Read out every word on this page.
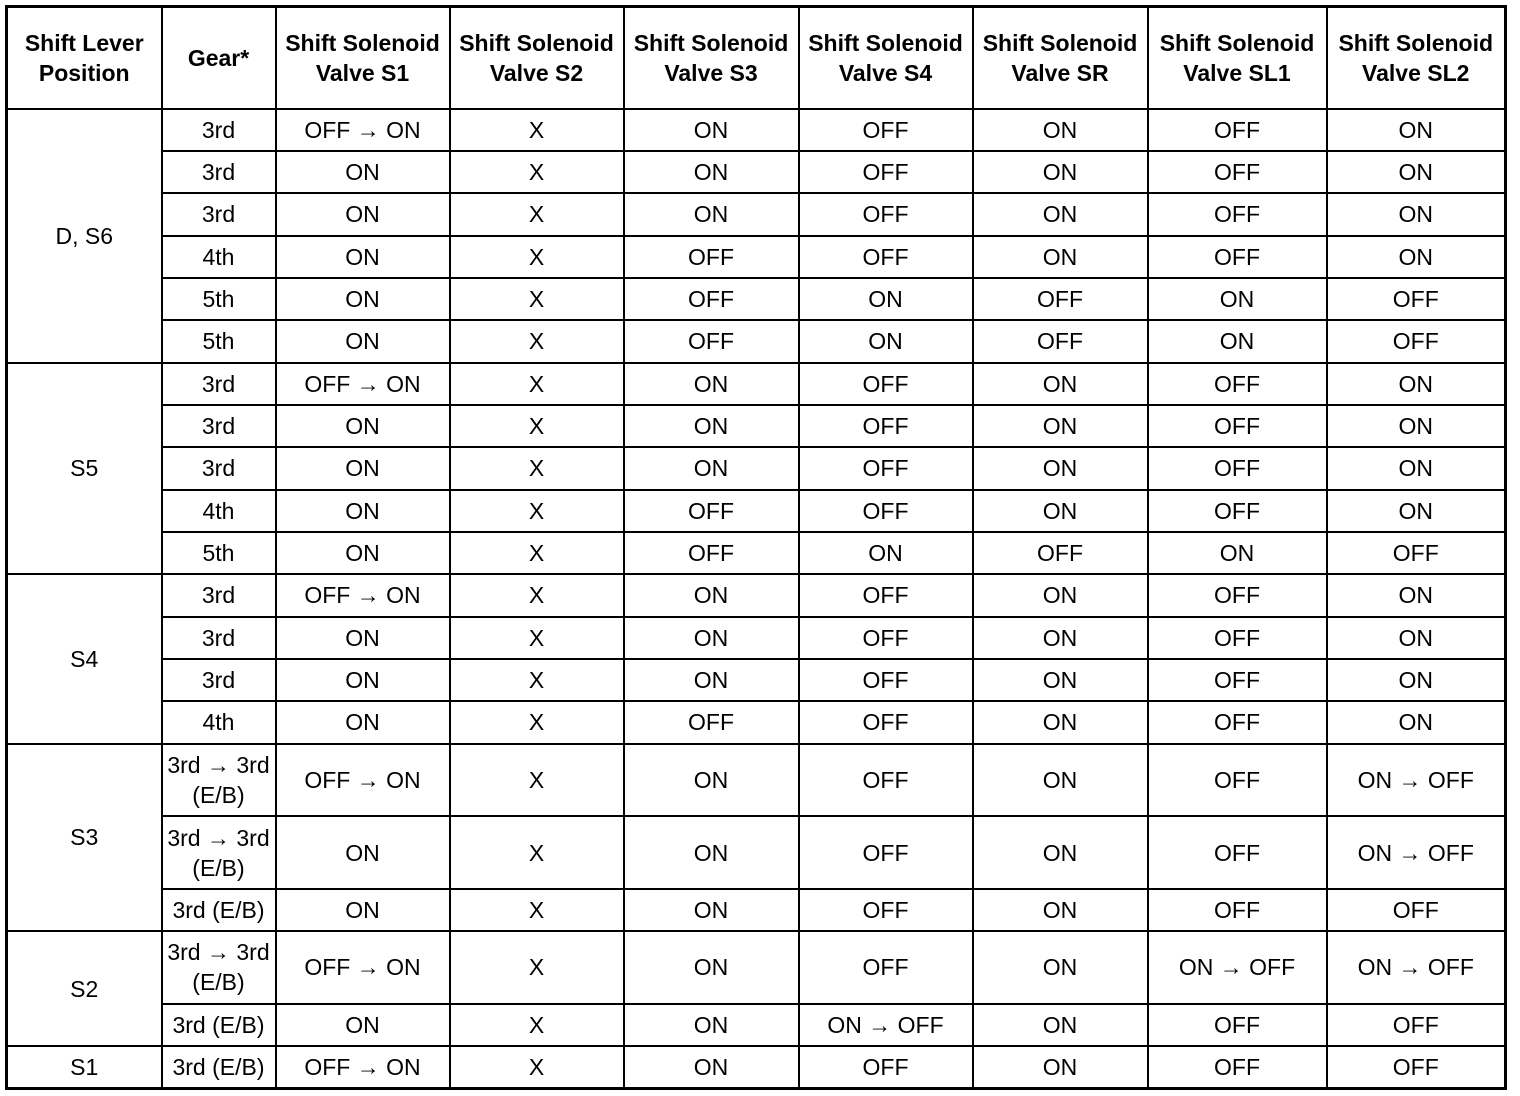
Shift Lever Position	Gear*	Shift Solenoid Valve S1	Shift Solenoid Valve S2	Shift Solenoid Valve S3	Shift Solenoid Valve S4	Shift Solenoid Valve SR	Shift Solenoid Valve SL1	Shift Solenoid Valve SL2
D, S6	3rd	OFF → ON	X	ON	OFF	ON	OFF	ON
	3rd	ON	X	ON	OFF	ON	OFF	ON
	3rd	ON	X	ON	OFF	ON	OFF	ON
	4th	ON	X	OFF	OFF	ON	OFF	ON
	5th	ON	X	OFF	ON	OFF	ON	OFF
	5th	ON	X	OFF	ON	OFF	ON	OFF
S5	3rd	OFF → ON	X	ON	OFF	ON	OFF	ON
	3rd	ON	X	ON	OFF	ON	OFF	ON
	3rd	ON	X	ON	OFF	ON	OFF	ON
	4th	ON	X	OFF	OFF	ON	OFF	ON
	5th	ON	X	OFF	ON	OFF	ON	OFF
S4	3rd	OFF → ON	X	ON	OFF	ON	OFF	ON
	3rd	ON	X	ON	OFF	ON	OFF	ON
	3rd	ON	X	ON	OFF	ON	OFF	ON
	4th	ON	X	OFF	OFF	ON	OFF	ON
S3	3rd → 3rd (E/B)	OFF → ON	X	ON	OFF	ON	OFF	ON → OFF
	3rd → 3rd (E/B)	ON	X	ON	OFF	ON	OFF	ON → OFF
	3rd (E/B)	ON	X	ON	OFF	ON	OFF	OFF
S2	3rd → 3rd (E/B)	OFF → ON	X	ON	OFF	ON	ON → OFF	ON → OFF
	3rd (E/B)	ON	X	ON	ON → OFF	ON	OFF	OFF
S1	3rd (E/B)	OFF → ON	X	ON	OFF	ON	OFF	OFF
